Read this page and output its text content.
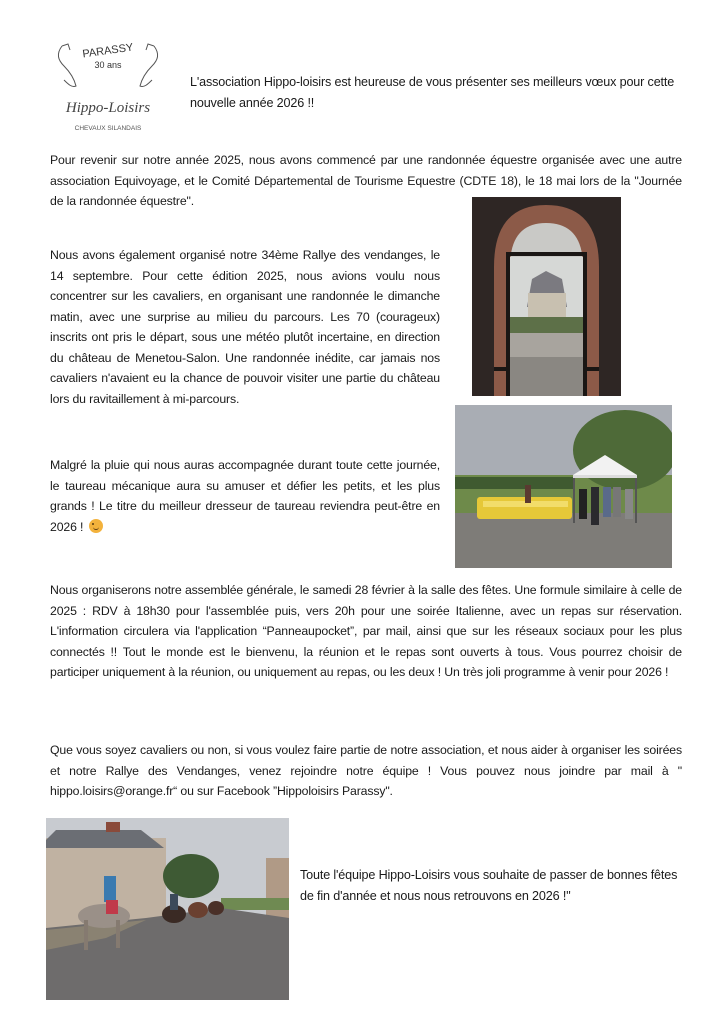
PARASSY
30 ans
Hippo-Loisirs
CHEVAUX SILANDAIS
L'association Hippo-loisirs est heureuse de vous présenter ses meilleurs vœux pour cette nouvelle année 2026 !!
Pour revenir sur notre année 2025, nous avons commencé par une randonnée équestre organisée avec une autre association Equivoyage, et le Comité Départemental de Tourisme Equestre (CDTE 18), le 18 mai lors de la "Journée de la randonnée équestre".
Nous avons également organisé notre 34ème Rallye des vendanges, le 14 septembre. Pour cette édition 2025, nous avions voulu nous concentrer sur les cavaliers, en organisant une randonnée le dimanche matin, avec une surprise au milieu du parcours. Les 70 (courageux) inscrits ont pris le départ, sous une météo plutôt incertaine, en direction du château de Menetou-Salon. Une randonnée inédite, car jamais nos cavaliers n'avaient eu la chance de pouvoir visiter une partie du château lors du ravitaillement à mi-parcours.
Malgré la pluie qui nous auras accompagnée durant toute cette journée, le taureau mécanique aura su amuser et défier les petits, et les plus grands ! Le titre du meilleur dresseur de taureau reviendra peut-être en 2026 !
Nous organiserons notre assemblée générale, le samedi 28 février à la salle des fêtes. Une formule similaire à celle de 2025 : RDV à 18h30 pour l'assemblée puis, vers 20h pour une soirée Italienne, avec un repas sur réservation. L'information circulera via l'application “Panneaupocket”, par mail, ainsi que sur les réseaux sociaux pour les plus connectés !! Tout le monde est le bienvenu, la réunion et le repas sont ouverts à tous. Vous pourrez choisir de participer uniquement à la réunion, ou uniquement au repas, ou les deux ! Un très joli programme à venir pour 2026 !
Que vous soyez cavaliers ou non, si vous voulez faire partie de notre association, et nous aider à organiser les soirées et notre Rallye des Vendanges, venez rejoindre notre équipe ! Vous pouvez nous joindre par mail à " hippo.loisirs@orange.fr“ ou sur Facebook ”Hippoloisirs Parassy".
Toute l'équipe Hippo-Loisirs vous souhaite de passer de bonnes fêtes de fin d'année et nous nous retrouvons en 2026 !''
